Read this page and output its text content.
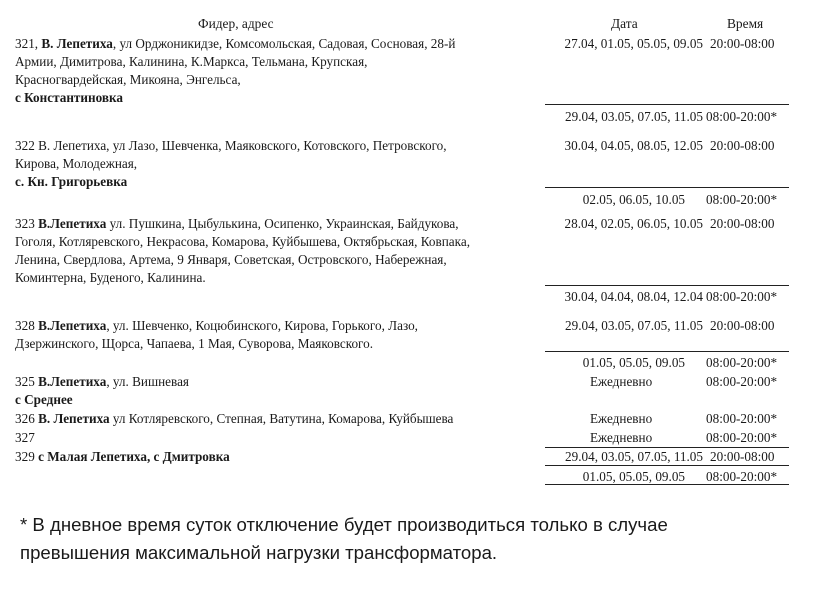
Фидер, адрес	Дата	Время
321, В. Лепетиха, ул Орджоникидзе, Комсомольская, Садовая, Сосновая, 28-й
Армии, Димитрова, Калинина, К.Маркса, Тельмана, Крупская,
Красногвардейская, Микояна, Энгельса,
с Константиновка
27.04, 01.05, 05.05, 09.05 20:00-08:00
29.04, 03.05, 07.05, 11.05 08:00-20:00*
322 В. Лепетиха, ул Лазо, Шевченка, Маяковского, Котовского, Петровского,
Кирова, Молодежная,
с. Кн. Григорьевка
30.04, 04.05, 08.05, 12.05 20:00-08:00
02.05, 06.05, 10.05 08:00-20:00*
323 В.Лепетиха ул. Пушкина, Цыбулькина, Осипенко, Украинская, Байдукова,
Гоголя, Котляревского, Некрасова, Комарова, Куйбышева, Октябрьская, Ковпака,
Ленина, Свердлова, Артема, 9 Января, Советская, Островского, Набережная,
Коминтерна, Буденого, Калинина.
28.04, 02.05, 06.05, 10.05 20:00-08:00
30.04, 04.04, 08.04, 12.04 08:00-20:00*
328 В.Лепетиха, ул. Шевченко, Коцюбинского, Кирова, Горького, Лазо,
Дзержинского, Щорса, Чапаева, 1 Мая, Суворова, Маяковского.
29.04, 03.05, 07.05, 11.05 20:00-08:00
01.05, 05.05, 09.05 08:00-20:00*
325 В.Лепетиха, ул. Вишневая
с Среднее
Ежедневно	08:00-20:00*
326 В. Лепетиха ул Котляревского, Степная, Ватутина, Комарова, Куйбышева	Ежедневно	08:00-20:00*
327	Ежедневно	08:00-20:00*
329 с Малая Лепетиха, с Дмитровка	29.04, 03.05, 07.05, 11.05 20:00-08:00
01.05, 05.05, 09.05 08:00-20:00*
* В дневное время суток отключение будет производиться только в случае
превышения максимальной нагрузки трансформатора.
